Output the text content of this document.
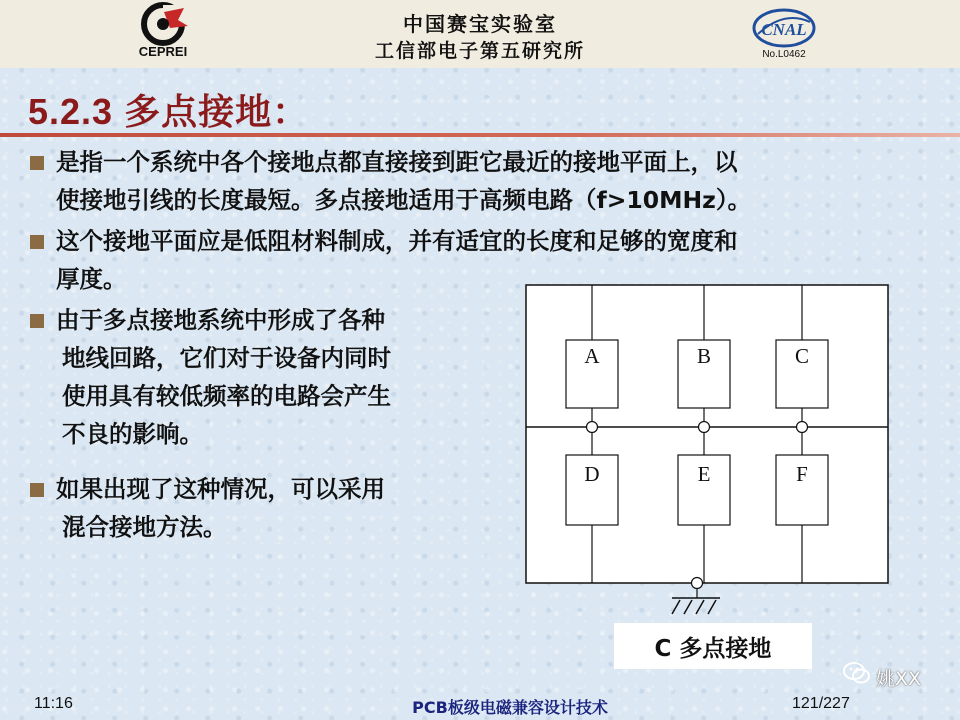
CEPREI
中国赛宝实验室
工信部电子第五研究所
CNAL
No.L0462
5.2.3 多点接地：
是指一个系统中各个接地点都直接接到距它最近的接地平面上，以
使接地引线的长度最短。多点接地适用于高频电路（f>10MHz）。
这个接地平面应是低阻材料制成，并有适宜的长度和足够的宽度和
厚度。
由于多点接地系统中形成了各种
地线回路，它们对于设备内同时
使用具有较低频率的电路会产生
不良的影响。
如果出现了这种情况，可以采用
混合接地方法。
A	B	C
D	E	F
C 多点接地
11:16	PCB板级电磁兼容设计技术	121/227
姚XX
